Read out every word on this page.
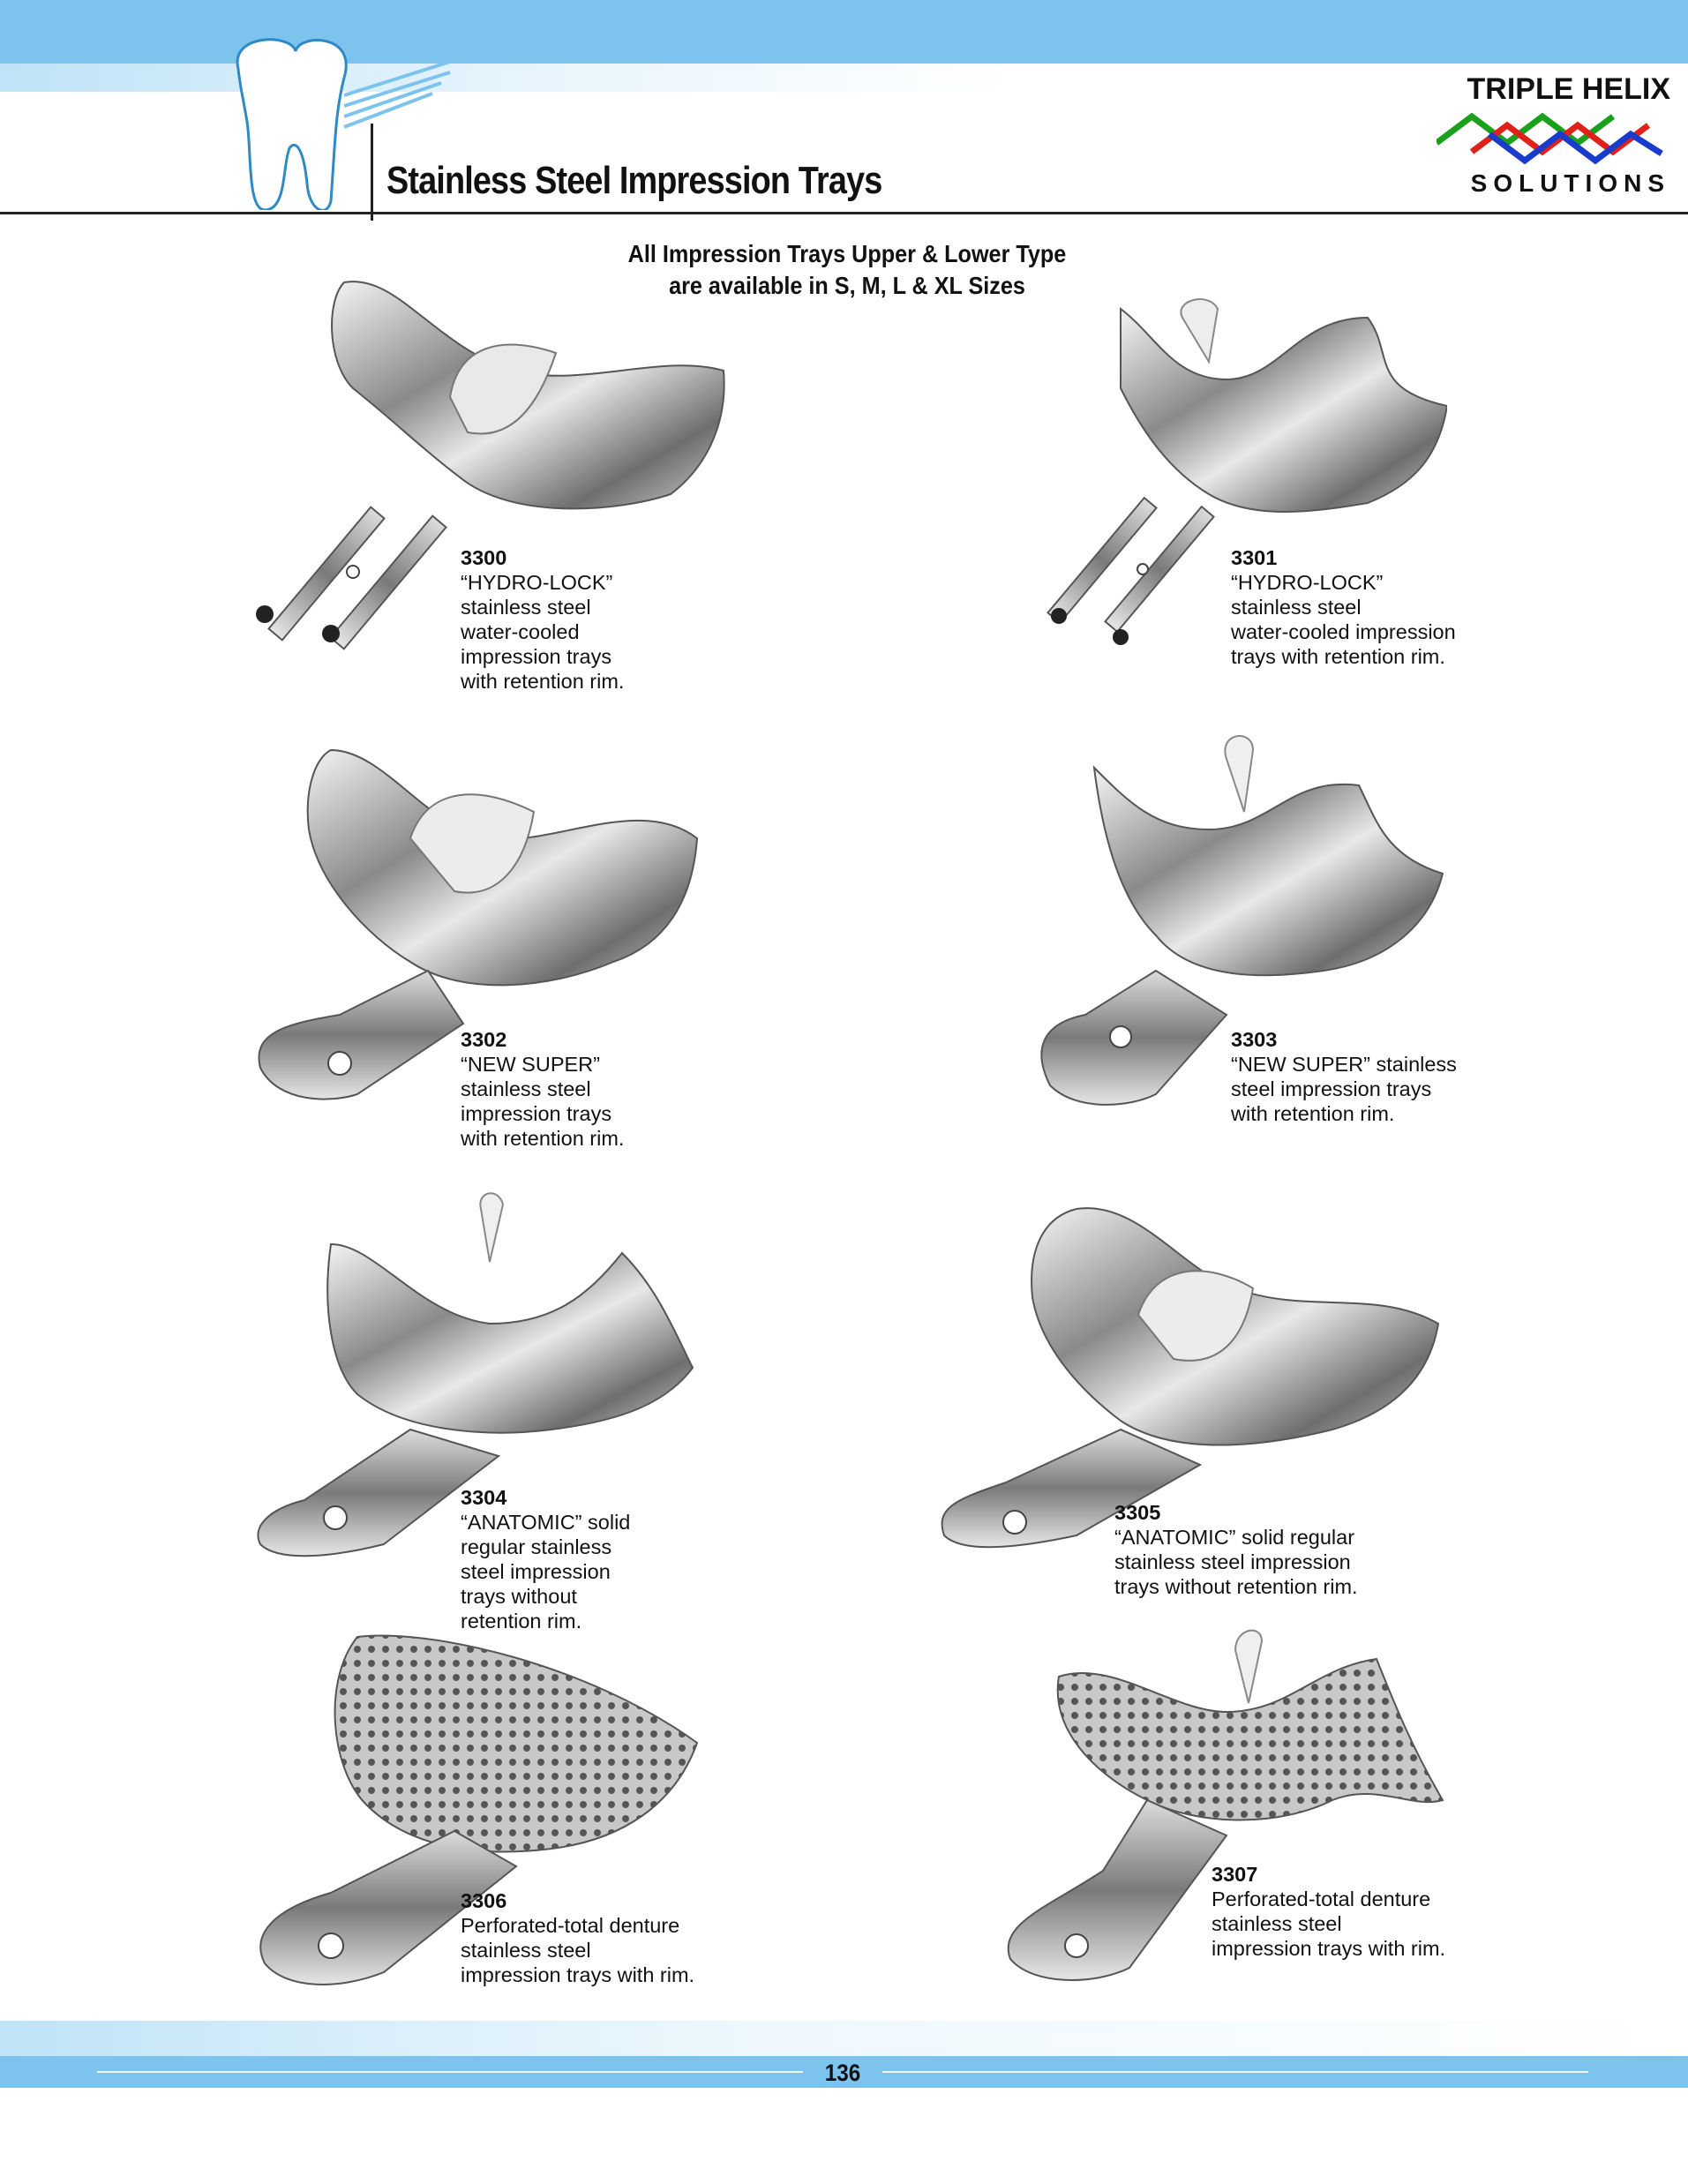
Stainless Steel Impression Trays
TRIPLE HELIX
SOLUTIONS
All Impression Trays Upper & Lower Type
are available in S, M, L & XL Sizes
3300
“HYDRO-LOCK”
stainless steel
water-cooled
impression trays
with retention rim.
3301
“HYDRO-LOCK”
stainless steel
water-cooled impression
trays with retention rim.
3302
“NEW SUPER”
stainless steel
impression trays
with retention rim.
3303
“NEW SUPER” stainless
steel impression trays
with retention rim.
3304
“ANATOMIC” solid
regular stainless
steel impression
trays without
retention rim.
3305
“ANATOMIC” solid regular
stainless steel impression
trays without retention rim.
3306
Perforated-total denture
stainless steel
impression trays with rim.
3307
Perforated-total denture
stainless steel
impression trays with rim.
136
